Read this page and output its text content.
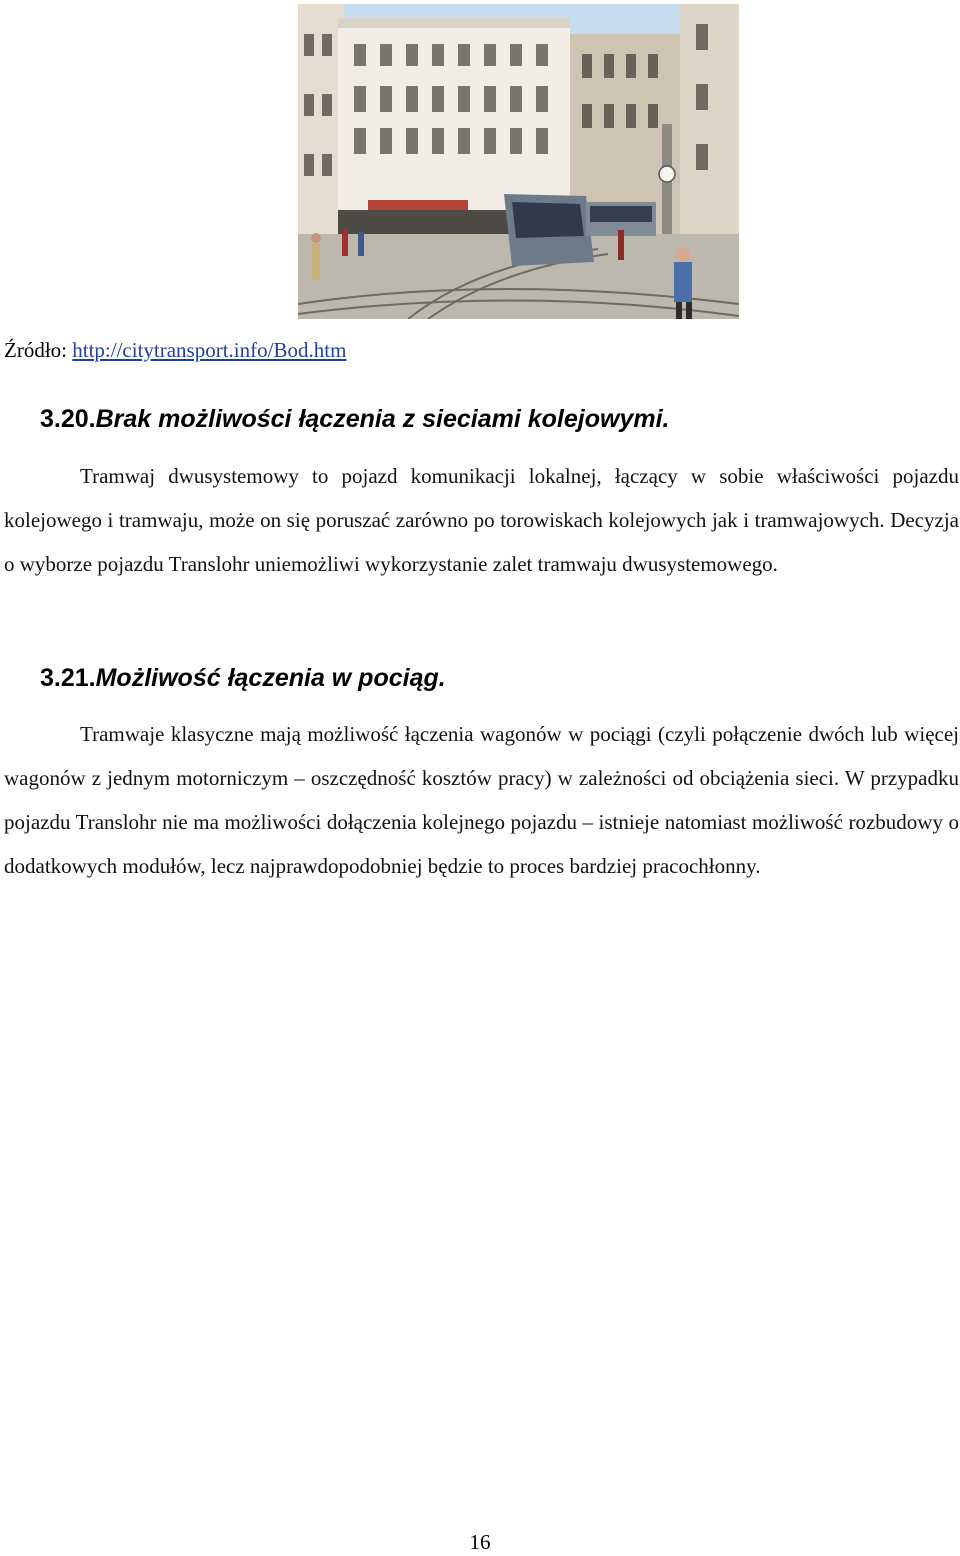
Źródło: http://citytransport.info/Bod.htm
3.20.Brak możliwości łączenia z sieciami kolejowymi.

Tramwaj dwusystemowy to pojazd komunikacji lokalnej, łączący w sobie właściwości pojazdu kolejowego i tramwaju, może on się poruszać zarówno po torowiskach kolejowych jak i tramwajowych. Decyzja o wyborze pojazdu Translohr uniemożliwi wykorzystanie zalet tramwaju dwusystemowego.

3.21.Możliwość łączenia w pociąg.

Tramwaje klasyczne mają możliwość łączenia wagonów w pociągi (czyli połączenie dwóch lub więcej wagonów z jednym motorniczym – oszczędność kosztów pracy) w zależności od obciążenia sieci. W przypadku pojazdu Translohr nie ma możliwości dołączenia kolejnego pojazdu – istnieje natomiast możliwość rozbudowy o dodatkowych modułów, lecz najprawdopodobniej będzie to proces bardziej pracochłonny.

16
